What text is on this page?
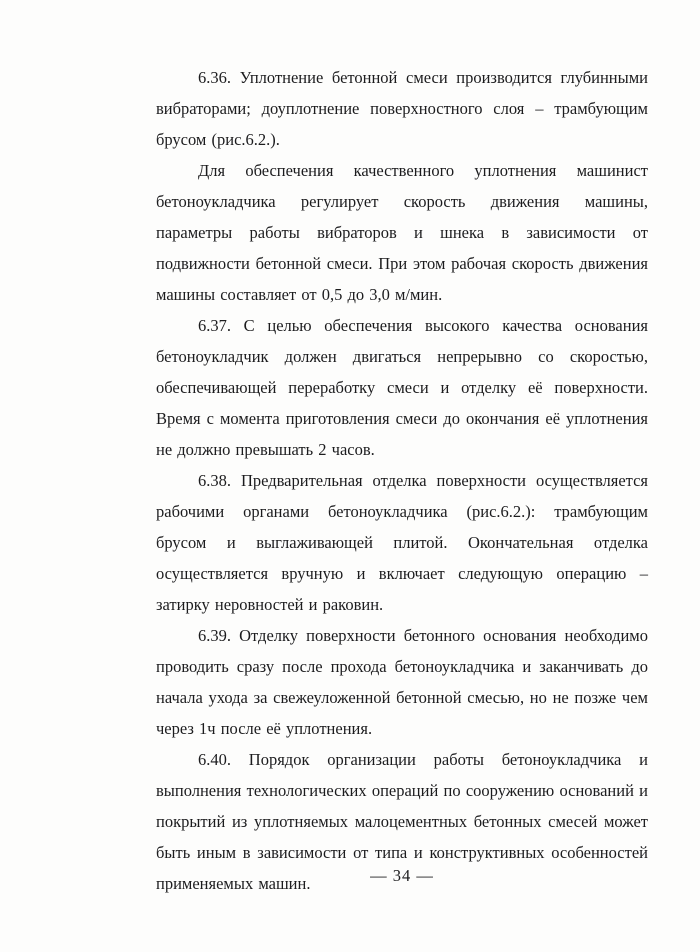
6.36. Уплотнение бетонной смеси производится глубинными вибраторами; доуплотнение поверхностного слоя – трамбующим брусом (рис.6.2.).

Для обеспечения качественного уплотнения машинист бетоноукладчика регулирует скорость движения машины, параметры работы вибраторов и шнека в зависимости от подвижности бетонной смеси. При этом рабочая скорость движения машины составляет от 0,5 до 3,0 м/мин.

6.37. С целью обеспечения высокого качества основания бетоноукладчик должен двигаться непрерывно со скоростью, обеспечивающей переработку смеси и отделку её поверхности. Время с момента приготовления смеси до окончания её уплотнения не должно превышать 2 часов.

6.38. Предварительная отделка поверхности осуществляется рабочими органами бетоноукладчика (рис.6.2.): трамбующим брусом и выглаживающей плитой. Окончательная отделка осуществляется вручную и включает следующую операцию – затирку неровностей и раковин.

6.39. Отделку поверхности бетонного основания необходимо проводить сразу после прохода бетоноукладчика и заканчивать до начала ухода за свежеуложенной бетонной смесью, но не позже чем через 1ч после её уплотнения.

6.40. Порядок организации работы бетоноукладчика и выполнения технологических операций по сооружению оснований и покрытий из уплотняемых малоцементных бетонных смесей может быть иным в зависимости от типа и конструктивных особенностей применяемых машин.	— 34 —
